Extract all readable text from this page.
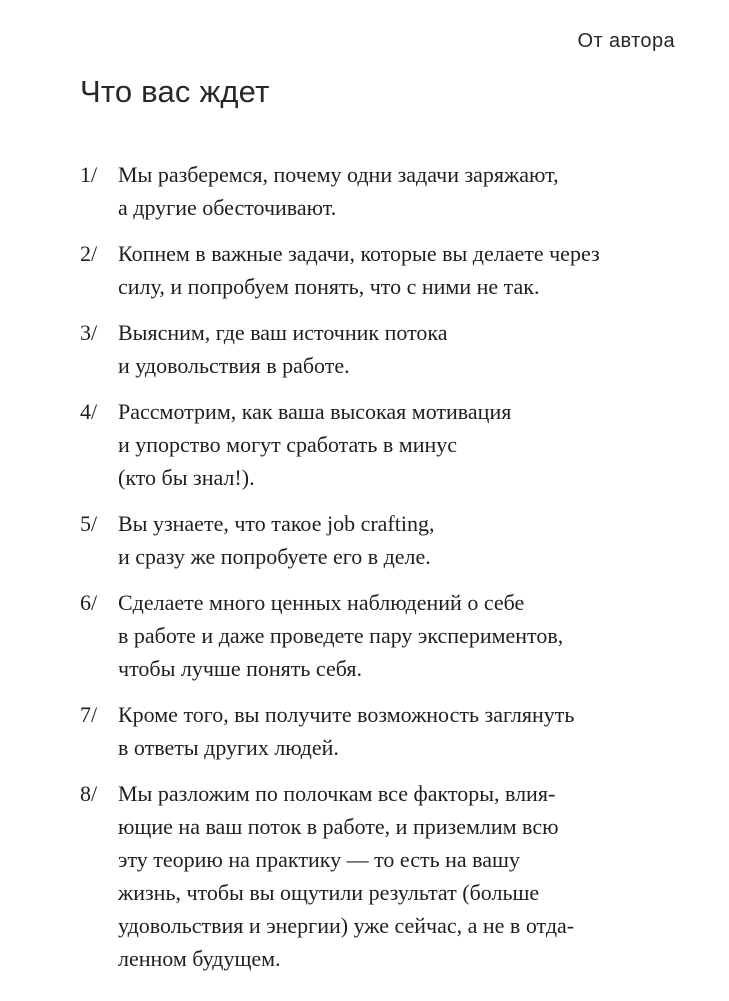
От автора
Что вас ждет
1/ Мы разберемся, почему одни задачи заряжают,
а другие обесточивают.
2/ Копнем в важные задачи, которые вы делаете через
силу, и попробуем понять, что с ними не так.
3/ Выясним, где ваш источник потока
и удовольствия в работе.
4/ Рассмотрим, как ваша высокая мотивация
и упорство могут сработать в минус
(кто бы знал!).
5/ Вы узнаете, что такое job crafting,
и сразу же попробуете его в деле.
6/ Сделаете много ценных наблюдений о себе
в работе и даже проведете пару экспериментов,
чтобы лучше понять себя.
7/ Кроме того, вы получите возможность заглянуть
в ответы других людей.
8/ Мы разложим по полочкам все факторы, влия-
ющие на ваш поток в работе, и приземлим всю
эту теорию на практику — то есть на вашу
жизнь, чтобы вы ощутили результат (больше
удовольствия и энергии) уже сейчас, а не в отда-
ленном будущем.
